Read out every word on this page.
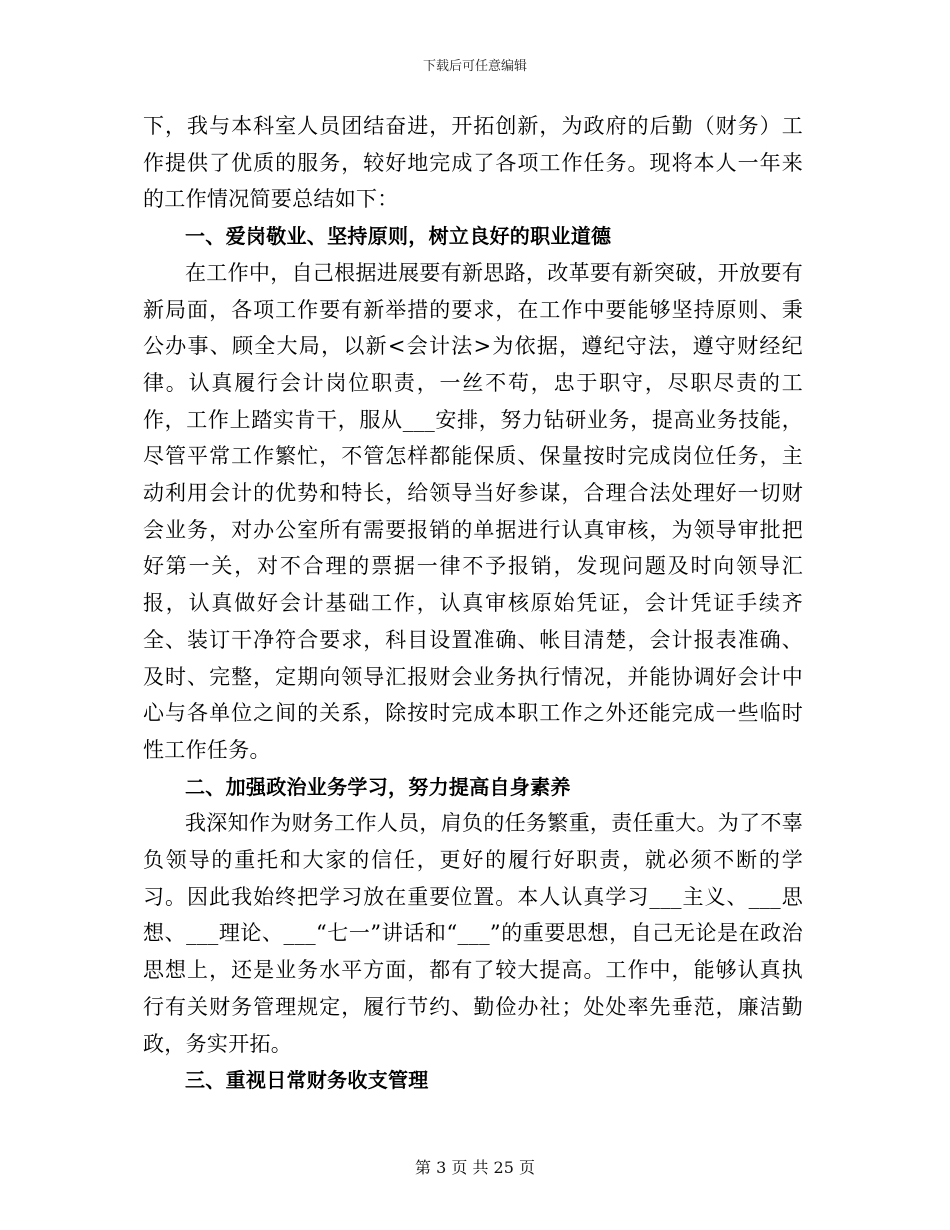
下载后可任意编辑

下，我与本科室人员团结奋进，开拓创新，为政府的后勤（财务）工作提供了优质的服务，较好地完成了各项工作任务。现将本人一年来的工作情况简要总结如下：

一、爱岗敬业、坚持原则，树立良好的职业道德

在工作中，自己根据进展要有新思路，改革要有新突破，开放要有新局面，各项工作要有新举措的要求，在工作中要能够坚持原则、秉公办事、顾全大局，以新<会计法>为依据，遵纪守法，遵守财经纪律。认真履行会计岗位职责，一丝不苟，忠于职守，尽职尽责的工作，工作上踏实肯干，服从___安排，努力钻研业务，提高业务技能，尽管平常工作繁忙，不管怎样都能保质、保量按时完成岗位任务，主动利用会计的优势和特长，给领导当好参谋，合理合法处理好一切财会业务，对办公室所有需要报销的单据进行认真审核，为领导审批把好第一关，对不合理的票据一律不予报销，发现问题及时向领导汇报，认真做好会计基础工作，认真审核原始凭证，会计凭证手续齐全、装订干净符合要求，科目设置准确、帐目清楚，会计报表准确、及时、完整，定期向领导汇报财会业务执行情况，并能协调好会计中心与各单位之间的关系，除按时完成本职工作之外还能完成一些临时性工作任务。

二、加强政治业务学习，努力提高自身素养

我深知作为财务工作人员，肩负的任务繁重，责任重大。为了不辜负领导的重托和大家的信任，更好的履行好职责，就必须不断的学习。因此我始终把学习放在重要位置。本人认真学习___主义、___思想、___理论、___“七一”讲话和“___”的重要思想，自己无论是在政治思想上，还是业务水平方面，都有了较大提高。工作中，能够认真执行有关财务管理规定，履行节约、勤俭办社；处处率先垂范，廉洁勤政，务实开拓。

三、重视日常财务收支管理

第 3 页 共 25 页
